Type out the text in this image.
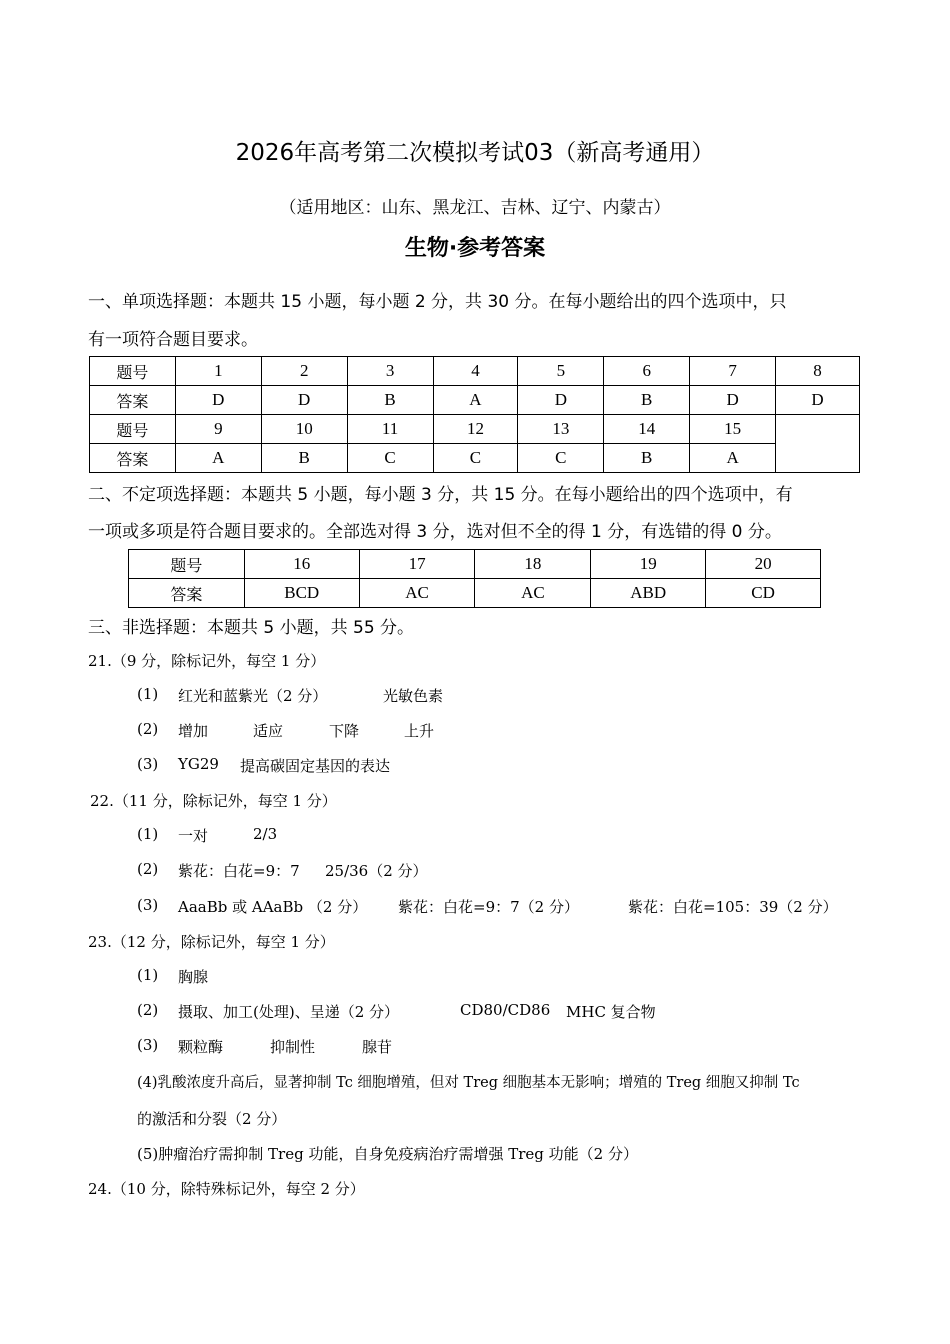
2026年高考第二次模拟考试03（新高考通用）
（适用地区：山东、黑龙江、吉林、辽宁、内蒙古）
生物·参考答案
一、单项选择题：本题共 15 小题，每小题 2 分，共 30 分。在每小题给出的四个选项中，只
有一项符合题目要求。
题号	1	2	3	4	5	6	7	8
答案	D	D	B	A	D	B	D	D
题号	9	10	11	12	13	14	15	
答案	A	B	C	C	C	B	A	
二、不定项选择题：本题共 5 小题，每小题 3 分，共 15 分。在每小题给出的四个选项中，有
一项或多项是符合题目要求的。全部选对得 3 分，选对但不全的得 1 分，有选错的得 0 分。
题号	16	17	18	19	20
答案	BCD	AC	AC	ABD	CD
三、非选择题：本题共 5 小题，共 55 分。
21.（9 分，除标记外，每空 1 分）
(1) 红光和蓝紫光（2 分）	光敏色素
(2) 增加	适应	下降	上升
(3) YG29 提高碳固定基因的表达
22.（11 分，除标记外，每空 1 分）
(1) 一对	2/3
(2) 紫花：白花=9：7 25/36（2 分）
(3) AaaBb 或 AAaBb （2 分） 紫花：白花=9：7（2 分）	紫花：白花=105：39（2 分）
23.（12 分，除标记外，每空 1 分）
(1) 胸腺
(2) 摄取、加工(处理)、呈递（2 分）	CD80/CD86 MHC 复合物
(3) 颗粒酶	抑制性	腺苷
(4)乳酸浓度升高后，显著抑制 Tc 细胞增殖，但对 Treg 细胞基本无影响；增殖的 Treg 细胞又抑制 Tc
的激活和分裂（2 分）
(5)肿瘤治疗需抑制 Treg 功能，自身免疫病治疗需增强 Treg 功能（2 分）
24.（10 分，除特殊标记外，每空 2 分）
